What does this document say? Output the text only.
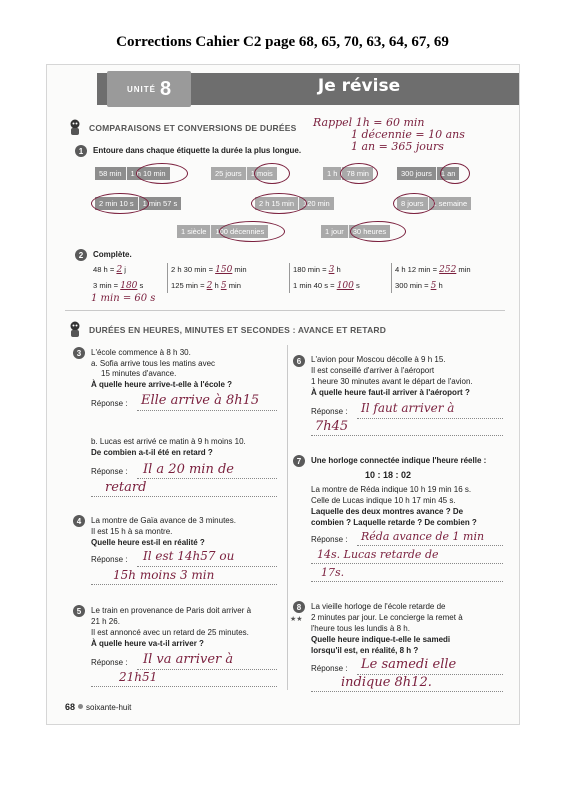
Corrections Cahier C2 page 68, 65, 70, 63, 64, 67, 69
UNITÉ 8	Je révise
COMPARAISONS ET CONVERSIONS DE DURÉES Rappel 1h = 60 min
1 décennie = 10 ans
1 an = 365 jours
1	Entoure dans chaque étiquette la durée la plus longue.
58 min	1 h 10 min	25 jours	1 mois	1 h	78 min	300 jours	1 an
2 min 10 s	1 min 57 s	2 h 15 min	120 min	8 jours	1 semaine
1 siècle	100 décennies	1 jour	30 heures
2	Complète.
48 h = 2 j	2 h 30 min = 150 min	180 min = 3 h	4 h 12 min = 252 min
3 min = 180 s	125 min = 2 h 5 min	1 min 40 s = 100 s	300 min = 5 h
1 min = 60 s
DURÉES EN HEURES, MINUTES ET SECONDES : AVANCE ET RETARD
3	L'école commence à 8 h 30.
a. Sofia arrive tous les matins avec
15 minutes d'avance.
À quelle heure arrive-t-elle à l'école ?
Réponse : Elle arrive à 8h15
b. Lucas est arrivé ce matin à 9 h moins 10.
De combien a-t-il été en retard ?
Réponse : Il a 20 min de
retard
4	La montre de Gaïa avance de 3 minutes.
Il est 15 h à sa montre.
Quelle heure est-il en réalité ?
Réponse : Il est 14h57 ou
15h moins 3 min
5	Le train en provenance de Paris doit arriver à
21 h 26.
Il est annoncé avec un retard de 25 minutes.
À quelle heure va-t-il arriver ?
Réponse : Il va arriver à
21h51
6	L'avion pour Moscou décolle à 9 h 15.
Il est conseillé d'arriver à l'aéroport
1 heure 30 minutes avant le départ de l'avion.
À quelle heure faut-il arriver à l'aéroport ?
Réponse : Il faut arriver à
7h45
7	Une horloge connectée indique l'heure réelle :
10 : 18 : 02
La montre de Réda indique 10 h 19 min 16 s.
Celle de Lucas indique 10 h 17 min 45 s.
Laquelle des deux montres avance ? De
combien ? Laquelle retarde ? De combien ?
Réponse : Réda avance de 1 min
14s. Lucas retarde de
17s.
8
★★
La vieille horloge de l'école retarde de
2 minutes par jour. Le concierge la remet à
l'heure tous les lundis à 8 h.
Quelle heure indique-t-elle le samedi
lorsqu'il est, en réalité, 8 h ?
Réponse : Le samedi elle
indique 8h12.
68 soixante-huit
